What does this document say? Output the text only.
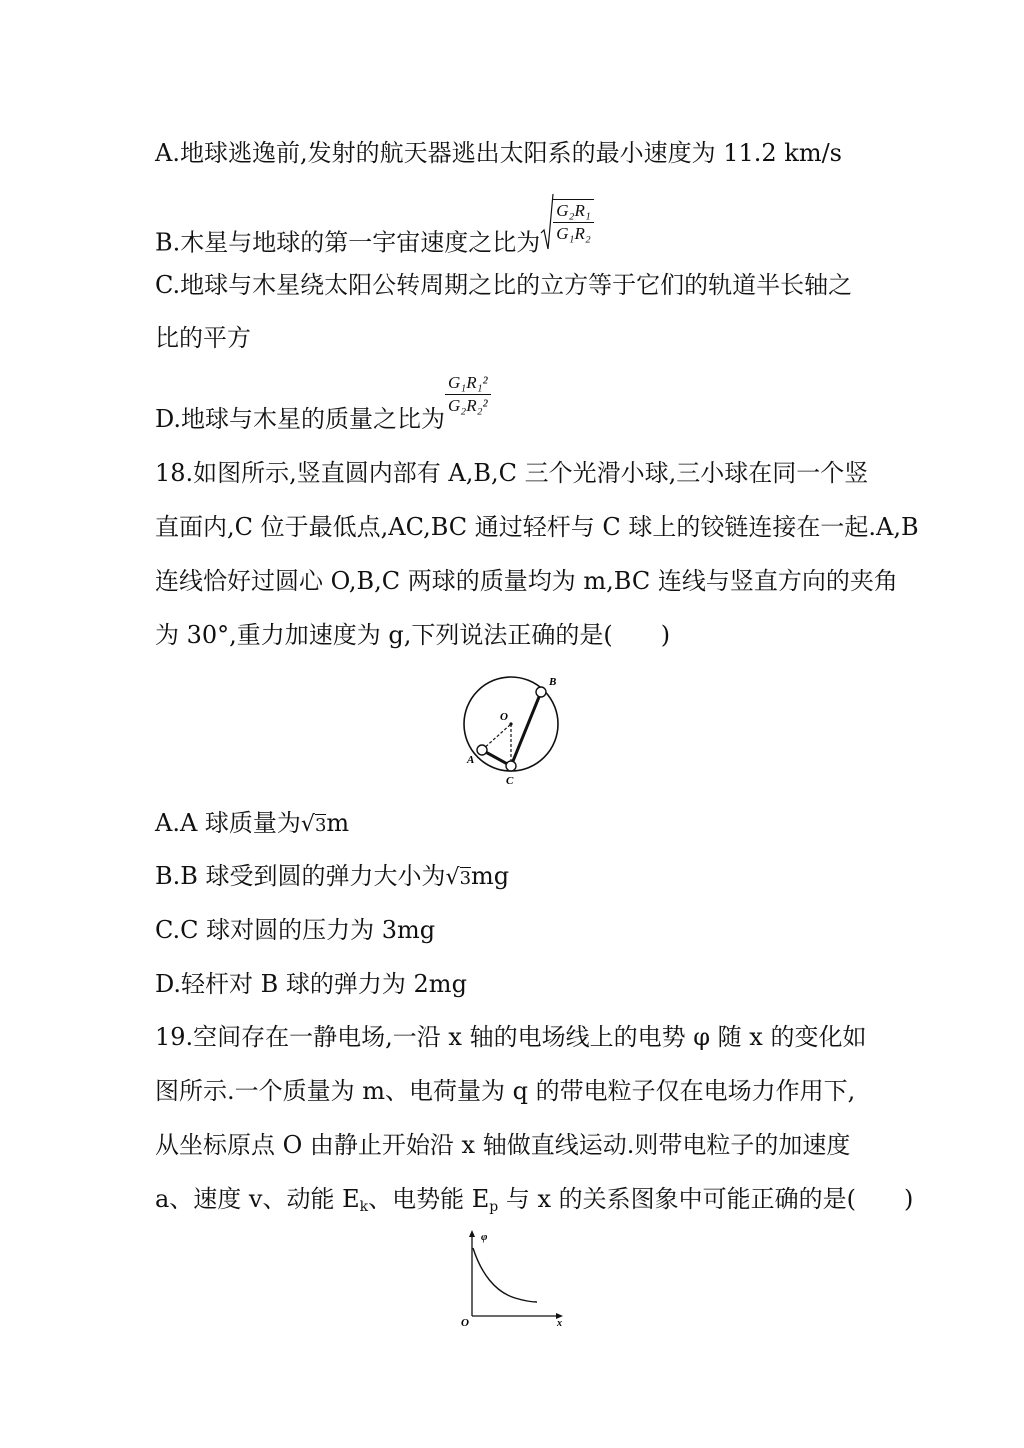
A.地球逃逸前,发射的航天器逃出太阳系的最小速度为 11.2 km/s
B.木星与地球的第一宇宙速度之比为 $\frac{\text{G₂R₁}}{\text{G₁R₂}}$
C.地球与木星绕太阳公转周期之比的立方等于它们的轨道半长轴之
比的平方
D.地球与木星的质量之比为
$\frac{\text{G₁R₁²}}{\text{G₂R₂²}}$
18.如图所示,竖直圆内部有 A,B,C 三个光滑小球,三小球在同一个竖
直面内,C 位于最低点,AC,BC 通过轻杆与 C 球上的铰链连接在一起.A,B
连线恰好过圆心 O,B,C 两球的质量均为 m,BC 连线与竖直方向的夹角
为 30°,重力加速度为 g,下列说法正确的是(　　)
A
B
C
O
A.A 球质量为√3m
B.B 球受到圆的弹力大小为√3mg
C.C 球对圆的压力为 3mg
D.轻杆对 B 球的弹力为 2mg
19.空间存在一静电场,一沿 x 轴的电场线上的电势 φ 随 x 的变化如
图所示.一个质量为 m、电荷量为 q 的带电粒子仅在电场力作用下,
从坐标原点 O 由静止开始沿 x 轴做直线运动.则带电粒子的加速度
a、速度 v、动能 Ek、电势能 Ep 与 x 的关系图象中可能正确的是(　　)
φ
x
O
